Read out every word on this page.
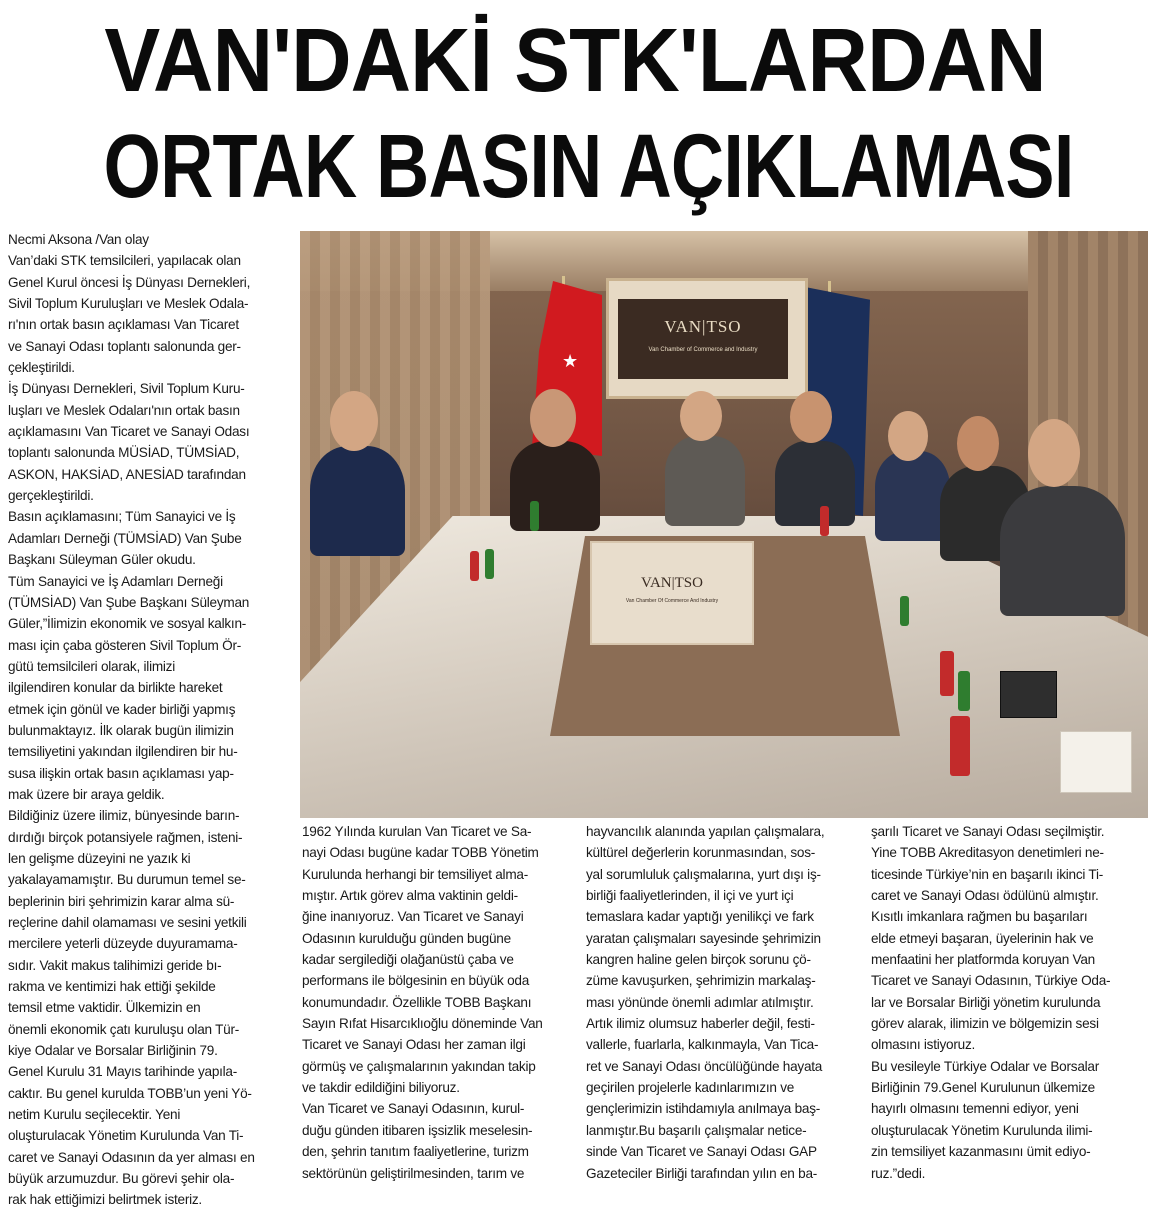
VAN'DAKİ STK'LARDAN
ORTAK BASIN AÇIKLAMASI
Necmi Aksona /Van olay
Van’daki STK temsilcileri, yapılacak olan
Genel Kurul öncesi İş Dünyası Dernekleri,
Sivil Toplum Kuruluşları ve Meslek Odala-
rı'nın ortak basın açıklaması Van Ticaret
ve Sanayi Odası toplantı salonunda ger-
çekleştirildi.
İş Dünyası Dernekleri, Sivil Toplum Kuru-
luşları ve Meslek Odaları'nın ortak basın
açıklamasını Van Ticaret ve Sanayi Odası
toplantı salonunda MÜSİAD, TÜMSİAD,
ASKON, HAKSİAD, ANESİAD tarafından
gerçekleştirildi.
Basın açıklamasını; Tüm Sanayici ve İş
Adamları Derneği (TÜMSİAD) Van Şube
Başkanı Süleyman Güler okudu.
Tüm Sanayici ve İş Adamları Derneği
(TÜMSİAD) Van Şube Başkanı Süleyman
Güler,”İlimizin ekonomik ve sosyal kalkın-
ması için çaba gösteren Sivil Toplum Ör-
gütü temsilcileri olarak, ilimizi
ilgilendiren konular da birlikte hareket
etmek için gönül ve kader birliği yapmış
bulunmaktayız. İlk olarak bugün ilimizin
temsiliyetini yakından ilgilendiren bir hu-
susa ilişkin ortak basın açıklaması yap-
mak üzere bir araya geldik.
Bildiğiniz üzere ilimiz, bünyesinde barın-
dırdığı birçok potansiyele rağmen, isteni-
len gelişme düzeyini ne yazık ki
yakalayamamıştır. Bu durumun temel se-
beplerinin biri şehrimizin karar alma sü-
reçlerine dahil olamaması ve sesini yetkili
mercilere yeterli düzeyde duyuramama-
sıdır. Vakit makus talihimizi geride bı-
rakma ve kentimizi hak ettiği şekilde
temsil etme vaktidir. Ülkemizin en
önemli ekonomik çatı kuruluşu olan Tür-
kiye Odalar ve Borsalar Birliğinin 79.
Genel Kurulu 31 Mayıs tarihinde yapıla-
caktır. Bu genel kurulda TOBB’un yeni Yö-
netim Kurulu seçilecektir. Yeni
oluşturulacak Yönetim Kurulunda Van Ti-
caret ve Sanayi Odasının da yer alması en
büyük arzumuzdur. Bu görevi şehir ola-
rak hak ettiğimizi belirtmek isteriz.
★
VAN|TSO
Van Chamber of Commerce and Industry
VAN|TSO
Van Chamber Of Commerce And Industry
1962 Yılında kurulan Van Ticaret ve Sa-
nayi Odası bugüne kadar TOBB Yönetim
Kurulunda herhangi bir temsiliyet alma-
mıştır. Artık görev alma vaktinin geldi-
ğine inanıyoruz. Van Ticaret ve Sanayi
Odasının kurulduğu günden bugüne
kadar sergilediği olağanüstü çaba ve
performans ile bölgesinin en büyük oda
konumundadır. Özellikle TOBB Başkanı
Sayın Rıfat Hisarcıklıoğlu döneminde Van
Ticaret ve Sanayi Odası her zaman ilgi
görmüş ve çalışmalarının yakından takip
ve takdir edildiğini biliyoruz.
Van Ticaret ve Sanayi Odasının, kurul-
duğu günden itibaren işsizlik meselesin-
den, şehrin tanıtım faaliyetlerine, turizm
sektörünün geliştirilmesinden, tarım ve
hayvancılık alanında yapılan çalışmalara,
kültürel değerlerin korunmasından, sos-
yal sorumluluk çalışmalarına, yurt dışı iş-
birliği faaliyetlerinden, il içi ve yurt içi
temaslara kadar yaptığı yenilikçi ve fark
yaratan çalışmaları sayesinde şehrimizin
kangren haline gelen birçok sorunu çö-
züme kavuşurken, şehrimizin markalaş-
ması yönünde önemli adımlar atılmıştır.
Artık ilimiz olumsuz haberler değil, festi-
vallerle, fuarlarla, kalkınmayla, Van Tica-
ret ve Sanayi Odası öncülüğünde hayata
geçirilen projelerle kadınlarımızın ve
gençlerimizin istihdamıyla anılmaya baş-
lanmıştır.Bu başarılı çalışmalar netice-
sinde Van Ticaret ve Sanayi Odası GAP
Gazeteciler Birliği tarafından yılın en ba-
şarılı Ticaret ve Sanayi Odası seçilmiştir.
Yine TOBB Akreditasyon denetimleri ne-
ticesinde Türkiye’nin en başarılı ikinci Ti-
caret ve Sanayi Odası ödülünü almıştır.
Kısıtlı imkanlara rağmen bu başarıları
elde etmeyi başaran, üyelerinin hak ve
menfaatini her platformda koruyan Van
Ticaret ve Sanayi Odasının, Türkiye Oda-
lar ve Borsalar Birliği yönetim kurulunda
görev alarak, ilimizin ve bölgemizin sesi
olmasını istiyoruz.
Bu vesileyle Türkiye Odalar ve Borsalar
Birliğinin 79.Genel Kurulunun ülkemize
hayırlı olmasını temenni ediyor, yeni
oluşturulacak Yönetim Kurulunda ilimi-
zin temsiliyet kazanmasını ümit ediyo-
ruz.”dedi.
